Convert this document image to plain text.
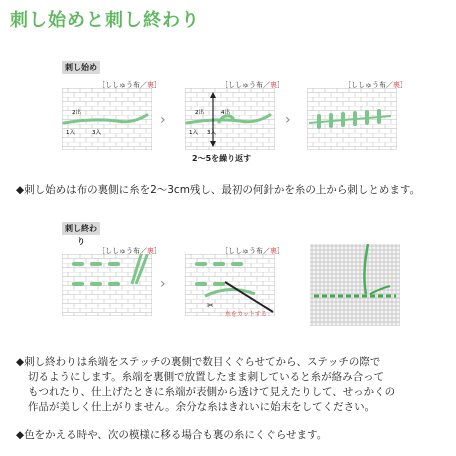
刺し始めと刺し終わり
刺し始め
2出
1入	3入
［ししゅう布／裏］
›	2出	4出
1入 3入
［ししゅう布／裏］
2～5を繰り返す
›
［ししゅう布／裏］
◆刺し始めは布の裏側に糸を2～3cm残し、最初の何針かを糸の上から刺しとめます。
刺し終わり
［ししゅう布／裏］
›
✂
［ししゅう布／裏］
糸をカットする
◆刺し終わりは糸端をステッチの裏側で数目くぐらせてから、ステッチの際で
切るようにします。糸端を裏側で放置したまま刺していると糸が絡み合って
もつれたり、仕上げたときに糸端が表側から透けて見えたりして、せっかくの
作品が美しく仕上がりません。余分な糸はきれいに始末をしてください。
◆色をかえる時や、次の模様に移る場合も裏の糸にくぐらせます。
